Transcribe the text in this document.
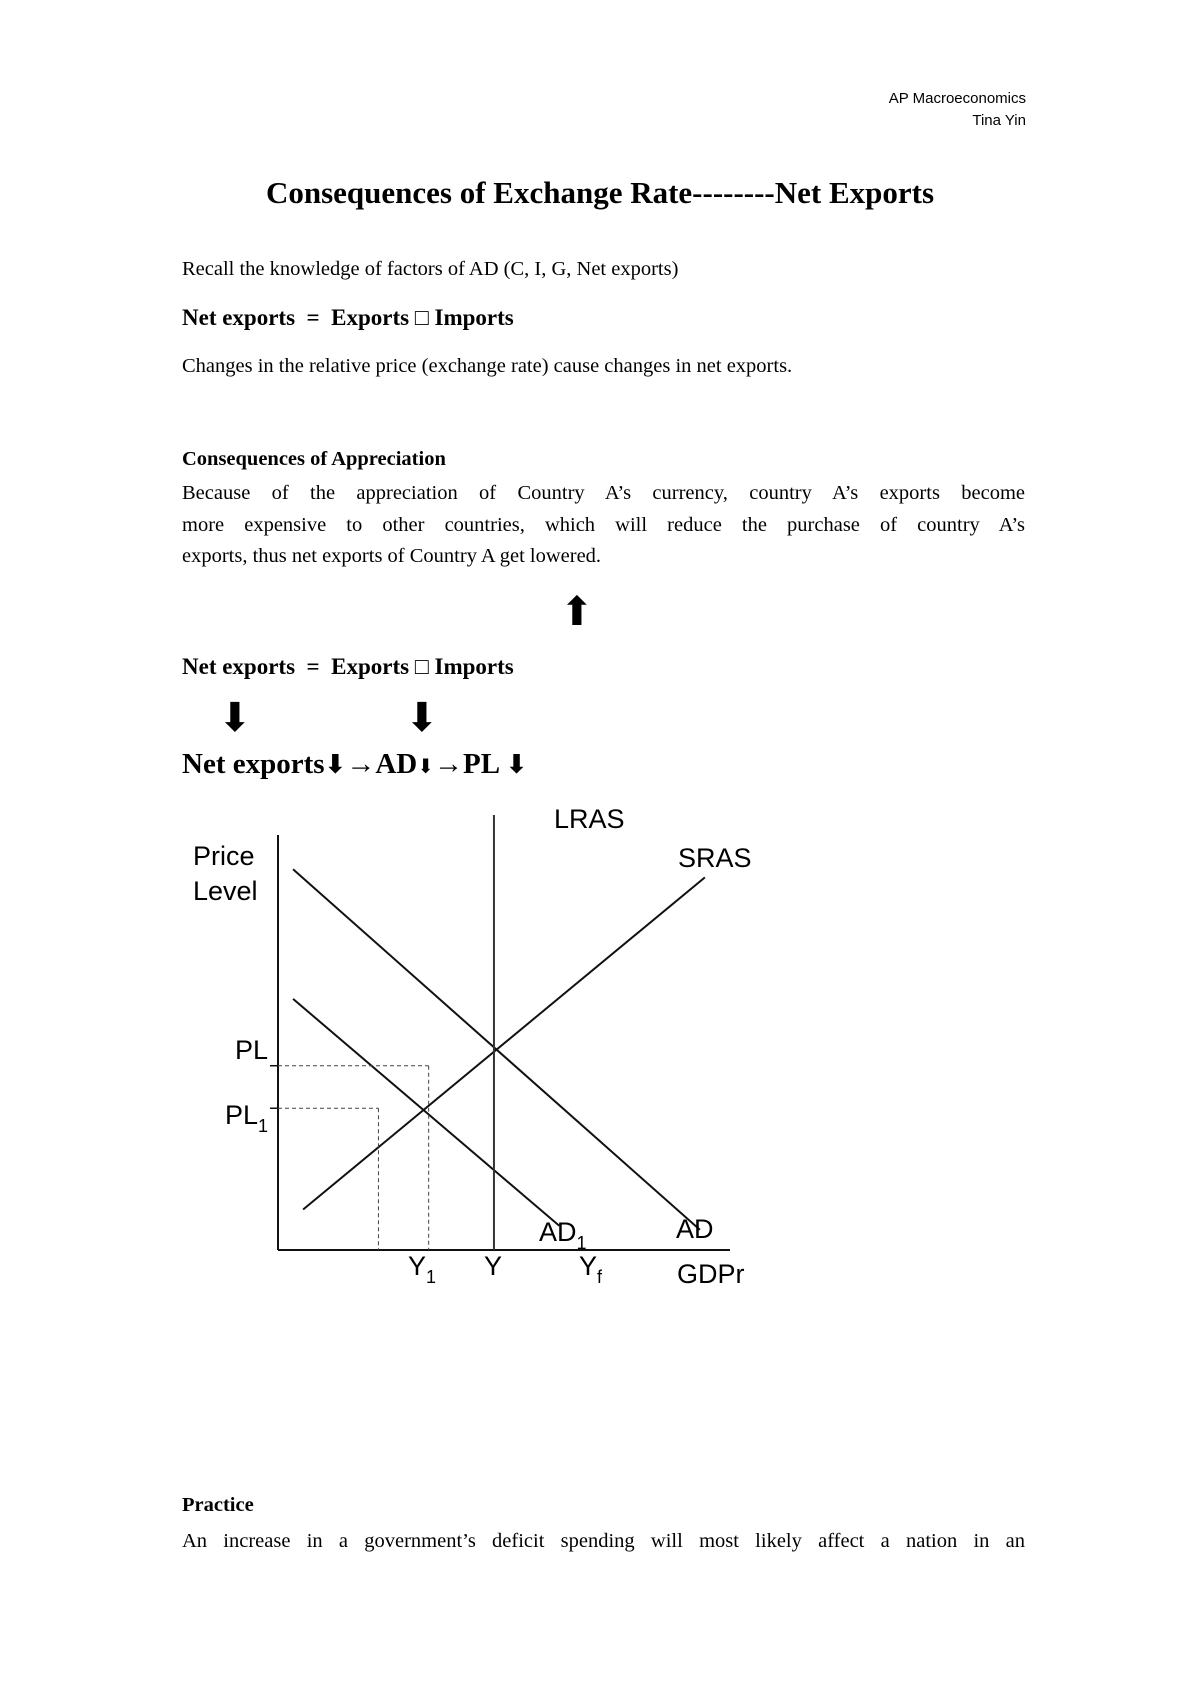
AP Macroeconomics
Tina Yin
Consequences of Exchange Rate--------Net Exports
Recall the knowledge of factors of AD (C, I, G, Net exports)
Net exports  =  Exports □ Imports
Changes in the relative price (exchange rate) cause changes in net exports.
Consequences of Appreciation
Because of the appreciation of Country A’s currency, country A’s exports become
more expensive to other countries, which will reduce the purchase of country A’s
exports, thus net exports of Country A get lowered.
⬆
Net exports  =  Exports □ Imports
⬇	⬇
Net exports⬇→AD⬇→PL ⬇
Price
Level
GDPr
LRAS
SRAS
AD
$AD_1$
PL
$PL_1$
Y
$Y_1$	$Y_f$
Practice
An increase in a government’s deficit spending will most likely affect a nation in an
